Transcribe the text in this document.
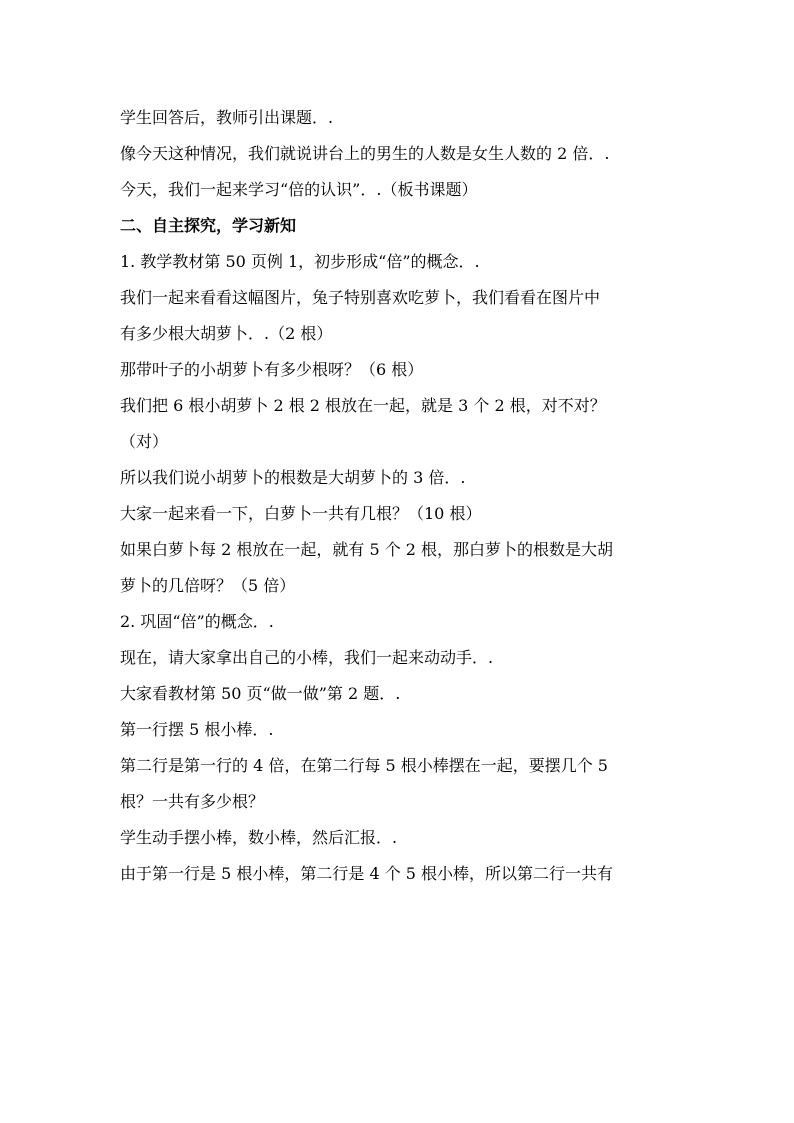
学生回答后，教师引出课题．.

像今天这种情况，我们就说讲台上的男生的人数是女生人数的 2 倍．.

今天，我们一起来学习“倍的认识”．.（板书课题）

二、自主探究，学习新知

1. 教学教材第 50 页例 1，初步形成“倍”的概念．.

我们一起来看看这幅图片，兔子特别喜欢吃萝卜，我们看看在图片中

有多少根大胡萝卜．.（2 根）

那带叶子的小胡萝卜有多少根呀？（6 根）

我们把 6 根小胡萝卜 2 根 2 根放在一起，就是 3 个 2 根，对不对？

（对）

所以我们说小胡萝卜的根数是大胡萝卜的 3 倍．.

大家一起来看一下，白萝卜一共有几根？（10 根）

如果白萝卜每 2 根放在一起，就有 5 个 2 根，那白萝卜的根数是大胡

萝卜的几倍呀？（5 倍）

2. 巩固“倍”的概念．.

现在，请大家拿出自己的小棒，我们一起来动动手．.

大家看教材第 50 页“做一做”第 2 题．.

第一行摆 5 根小棒．.

第二行是第一行的 4 倍，在第二行每 5 根小棒摆在一起，要摆几个 5

根？一共有多少根？

学生动手摆小棒，数小棒，然后汇报．.

由于第一行是 5 根小棒，第二行是 4 个 5 根小棒，所以第二行一共有
